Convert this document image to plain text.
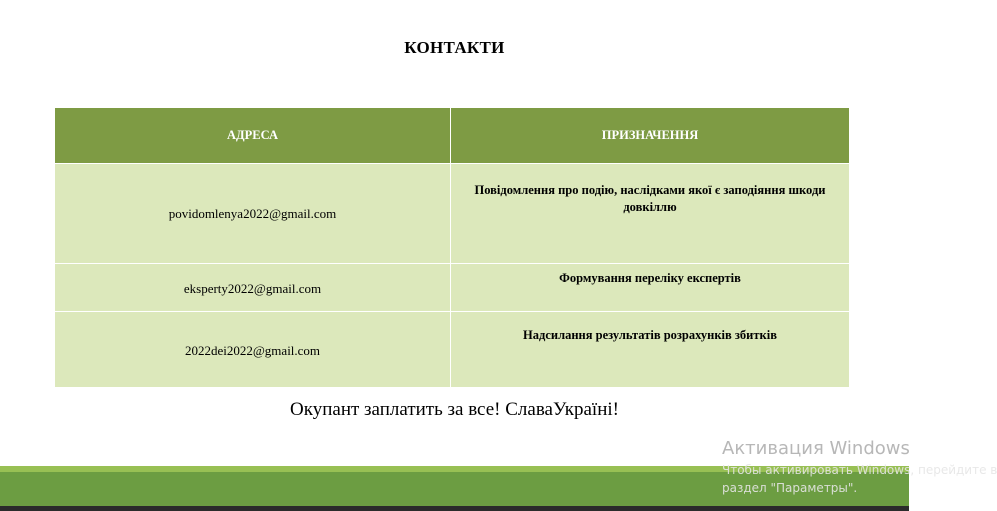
КОНТАКТИ
АДРЕСА	ПРИЗНАЧЕННЯ
povidomlenya2022@gmail.com	Повідомлення про подію, наслідками якої є заподіяння шкоди довкіллю
eksperty2022@gmail.com	Формування переліку експертів
2022dei2022@gmail.com	Надсилання результатів розрахунків збитків
Окупант заплатить за все! СлаваУкраїні!
Активация Windows
Чтобы активировать Windows, перейдите в
раздел "Параметры".
